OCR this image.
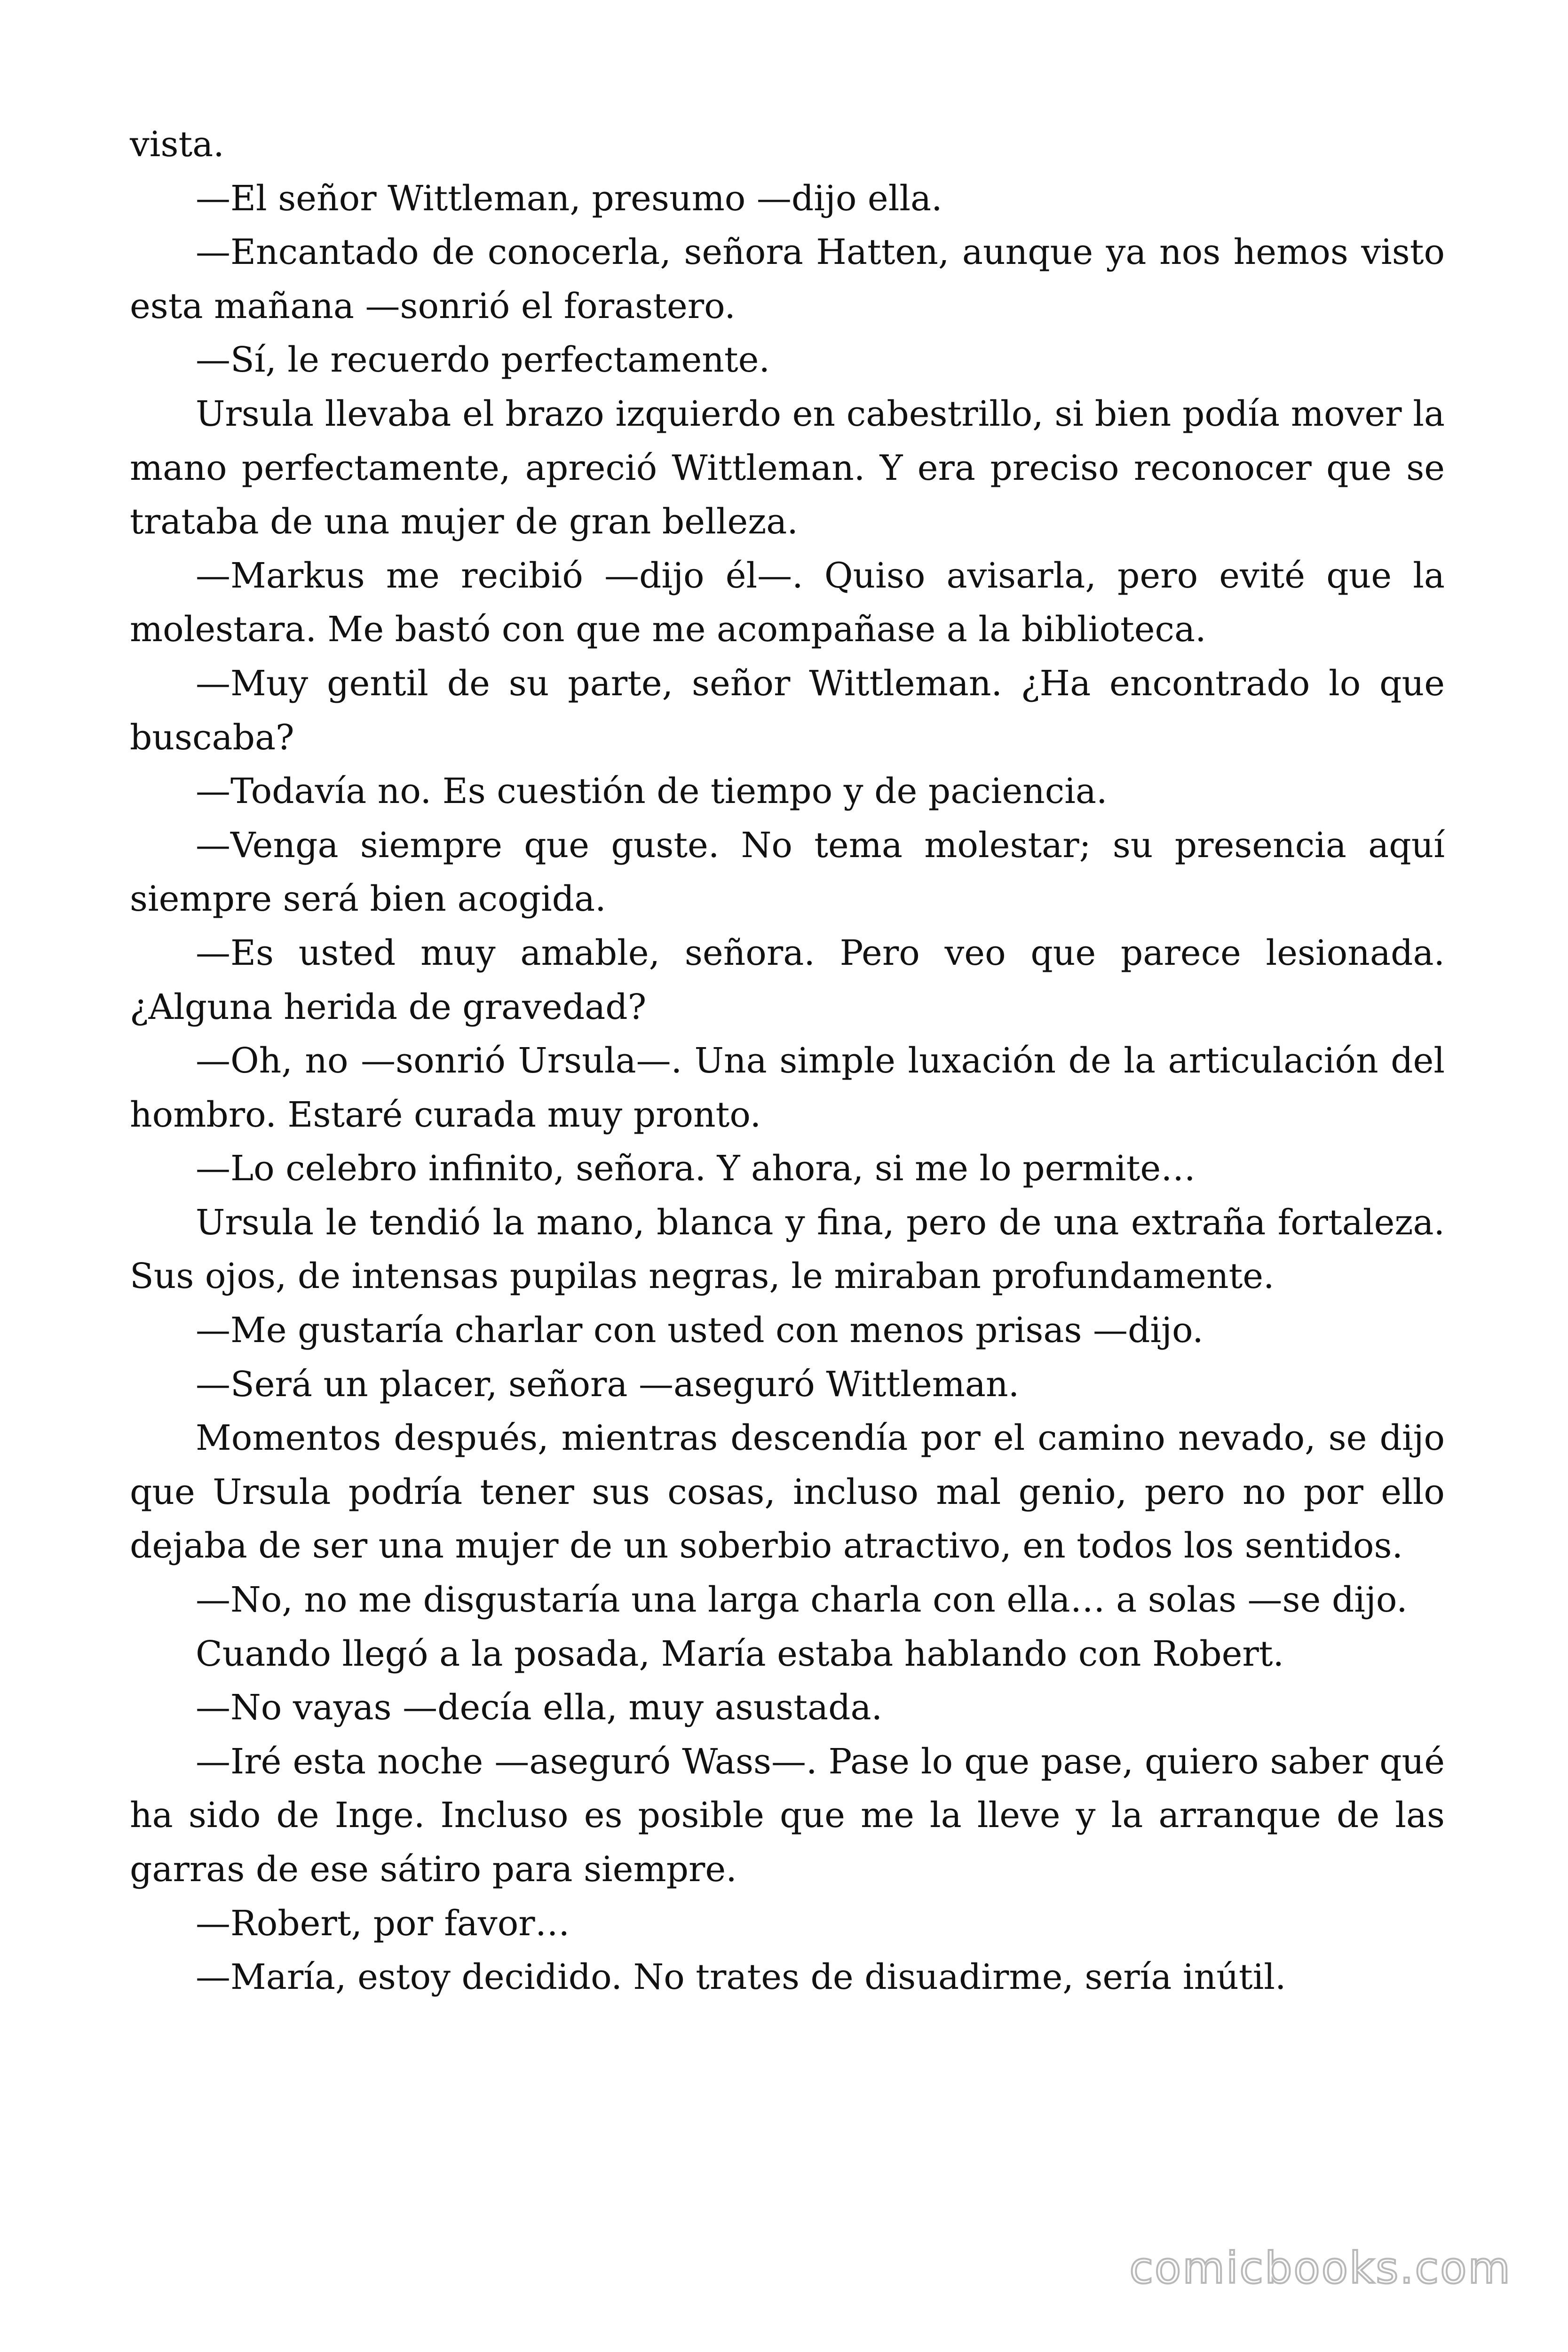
vista.

—El señor Wittleman, presumo —dijo ella.

—Encantado de conocerla, señora Hatten, aunque ya nos hemos visto esta mañana —sonrió el forastero.

—Sí, le recuerdo perfectamente.

Ursula llevaba el brazo izquierdo en cabestrillo, si bien podía mover la mano perfectamente, apreció Wittleman. Y era preciso reconocer que se trataba de una mujer de gran belleza.

—Markus me recibió —dijo él—. Quiso avisarla, pero evité que la molestara. Me bastó con que me acompañase a la biblioteca.

—Muy gentil de su parte, señor Wittleman. ¿Ha encontrado lo que buscaba?

—Todavía no. Es cuestión de tiempo y de paciencia.

—Venga siempre que guste. No tema molestar; su presencia aquí siempre será bien acogida.

—Es usted muy amable, señora. Pero veo que parece lesionada. ¿Alguna herida de gravedad?

—Oh, no —sonrió Ursula—. Una simple luxación de la articulación del hombro. Estaré curada muy pronto.

—Lo celebro infinito, señora. Y ahora, si me lo permite…

Ursula le tendió la mano, blanca y fina, pero de una extraña fortaleza. Sus ojos, de intensas pupilas negras, le miraban profundamente.

—Me gustaría charlar con usted con menos prisas —dijo.

—Será un placer, señora —aseguró Wittleman.

Momentos después, mientras descendía por el camino nevado, se dijo que Ursula podría tener sus cosas, incluso mal genio, pero no por ello dejaba de ser una mujer de un soberbio atractivo, en todos los sentidos.

—No, no me disgustaría una larga charla con ella… a solas —se dijo.

Cuando llegó a la posada, María estaba hablando con Robert.

—No vayas —decía ella, muy asustada.

—Iré esta noche —aseguró Wass—. Pase lo que pase, quiero saber qué ha sido de Inge. Incluso es posible que me la lleve y la arranque de las garras de ese sátiro para siempre.

—Robert, por favor…

—María, estoy decidido. No trates de disuadirme, sería inútil.

comicbooks.com
